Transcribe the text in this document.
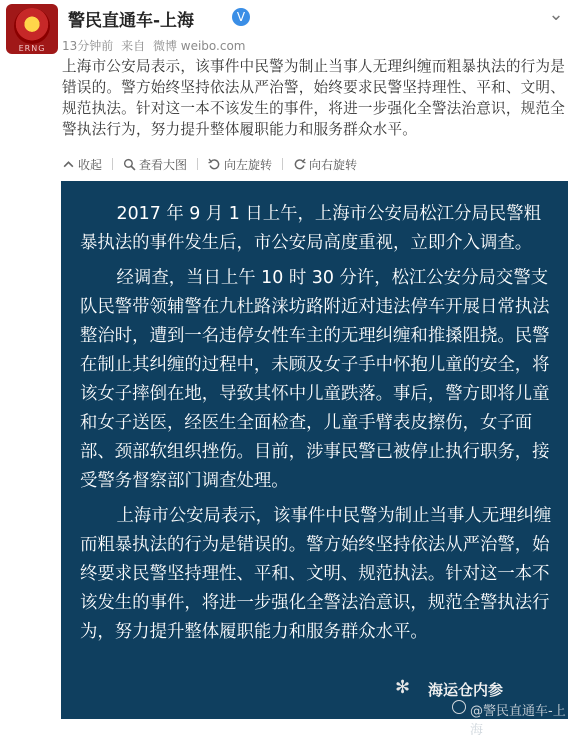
ERNG
警民直通车-上海	V	⌄
13分钟前 来自 微博 weibo.com
上海市公安局表示，该事件中民警为制止当事人无理纠缠而粗暴执法的行为是错误的。警方始终坚持依法从严治警，始终要求民警坚持理性、平和、文明、规范执法。针对这一本不该发生的事件，将进一步强化全警法治意识，规范全警执法行为，努力提升整体履职能力和服务群众水平。
收起	查看大图	向左旋转	向右旋转

2017 年 9 月 1 日上午，上海市公安局松江分局民警粗暴执法的事件发生后，市公安局高度重视，立即介入调查。

经调查，当日上午 10 时 30 分许，松江公安分局交警支队民警带领辅警在九杜路涞坊路附近对违法停车开展日常执法整治时，遭到一名违停女性车主的无理纠缠和推搡阻挠。民警在制止其纠缠的过程中，未顾及女子手中怀抱儿童的安全，将该女子摔倒在地，导致其怀中儿童跌落。事后，警方即将儿童和女子送医，经医生全面检查，儿童手臂表皮擦伤，女子面部、颈部软组织挫伤。目前，涉事民警已被停止执行职务，接受警务督察部门调查处理。

上海市公安局表示，该事件中民警为制止当事人无理纠缠而粗暴执法的行为是错误的。警方始终坚持依法从严治警，始终要求民警坚持理性、平和、文明、规范执法。针对这一本不该发生的事件，将进一步强化全警法治意识，规范全警执法行为，努力提升整体履职能力和服务群众水平。

✻	海运仓内参
@警民直通车-上海
